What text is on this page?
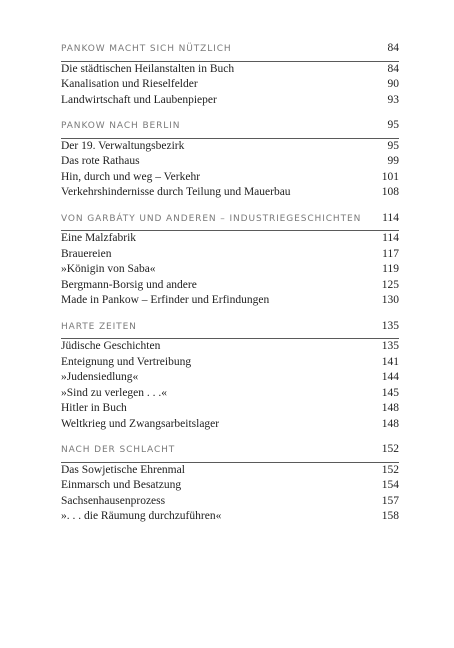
PANKOW MACHT SICH NÜTZLICH	84
Die städtischen Heilanstalten in Buch	84
Kanalisation und Rieselfelder	90
Landwirtschaft und Laubenpieper	93
PANKOW NACH BERLIN	95
Der 19. Verwaltungsbezirk	95
Das rote Rathaus	99
Hin, durch und weg – Verkehr	101
Verkehrshindernisse durch Teilung und Mauerbau	108
VON GARBÁTY UND ANDEREN – INDUSTRIEGESCHICHTEN 114
Eine Malzfabrik	114
Brauereien	117
»Königin von Saba«	119
Bergmann-Borsig und andere	125
Made in Pankow – Erfinder und Erfindungen	130
HARTE ZEITEN	135
Jüdische Geschichten	135
Enteignung und Vertreibung	141
»Judensiedlung«	144
»Sind zu verlegen . . .«	145
Hitler in Buch	148
Weltkrieg und Zwangsarbeitslager	148
NACH DER SCHLACHT	152
Das Sowjetische Ehrenmal	152
Einmarsch und Besatzung	154
Sachsenhausenprozess	157
». . . die Räumung durchzuführen«	158
